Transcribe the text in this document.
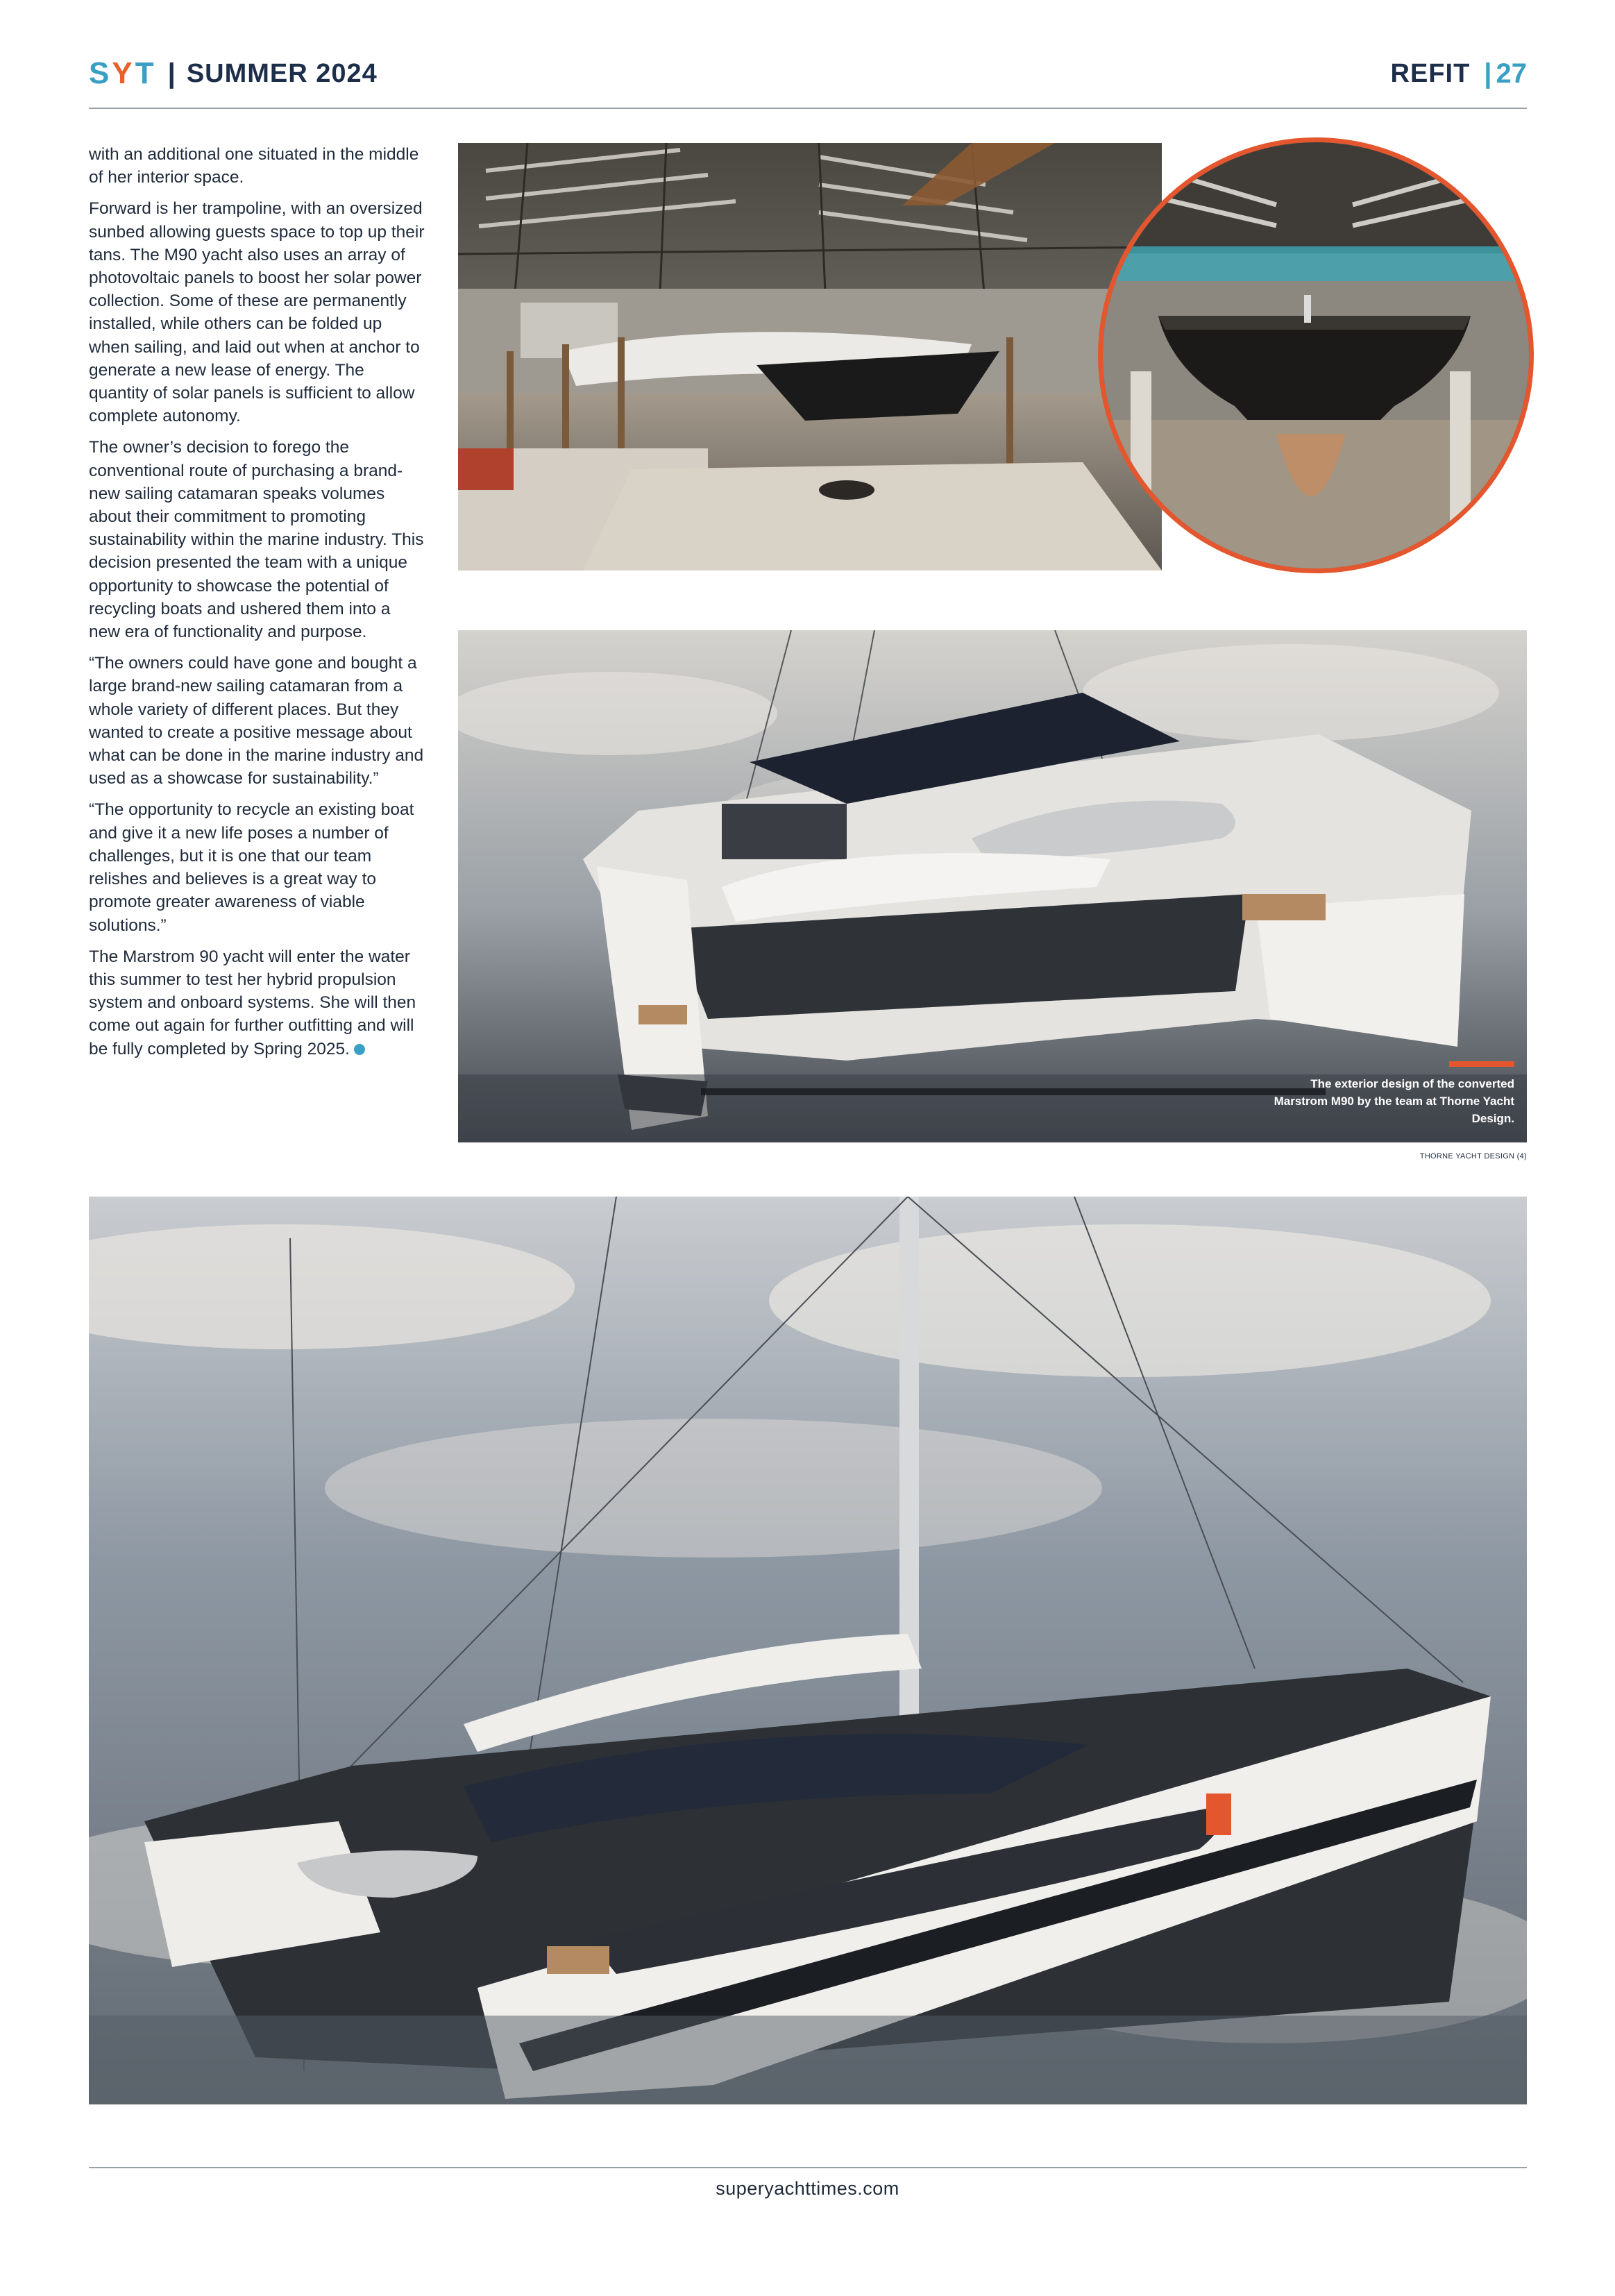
S Y T | SUMMER 2024	REFIT | 27

with an additional one situated in the middle of her interior space.

Forward is her trampoline, with an oversized sunbed allowing guests space to top up their tans. The M90 yacht also uses an array of photovoltaic panels to boost her solar power collection. Some of these are permanently installed, while others can be folded up when sailing, and laid out when at anchor to generate a new lease of energy. The quantity of solar panels is sufficient to allow complete autonomy.

The owner’s decision to forego the conventional route of purchasing a brand-new sailing catamaran speaks volumes about their commitment to promoting sustainability within the marine industry. This decision presented the team with a unique opportunity to showcase the potential of recycling boats and ushered them into a new era of functionality and purpose.

“The owners could have gone and bought a large brand-new sailing catamaran from a whole variety of different places. But they wanted to create a positive message about what can be done in the marine industry and used as a showcase for sustainability.”

“The opportunity to recycle an existing boat and give it a new life poses a number of challenges, but it is one that our team relishes and believes is a great way to promote greater awareness of viable solutions.”

The Marstrom 90 yacht will enter the water this summer to test her hybrid propulsion system and onboard systems. She will then come out again for further outfitting and will be fully completed by Spring 2025.

The exterior design of the converted Marstrom M90 by the team at Thorne Yacht Design.
THORNE YACHT DESIGN (4)
superyachttimes.com
